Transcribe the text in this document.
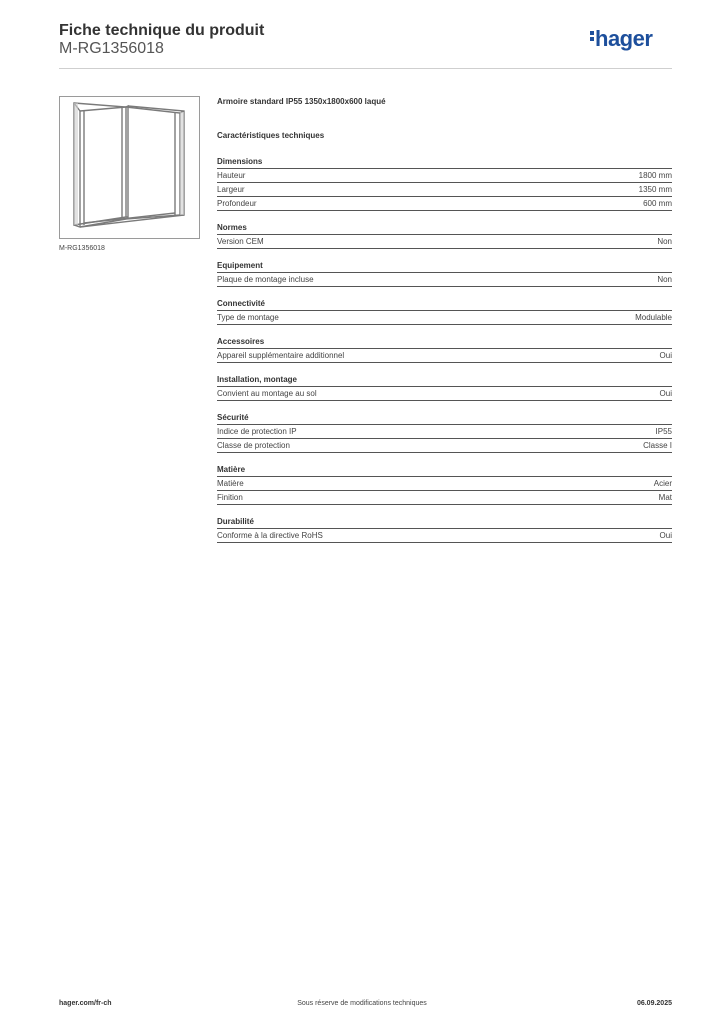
Fiche technique du produit
M-RG1356018	hager
M-RG1356018
Armoire standard IP55 1350x1800x600 laqué
Caractéristiques techniques
Dimensions
Hauteur	1800 mm
Largeur	1350 mm
Profondeur	600 mm
Normes
Version CEM	Non
Equipement
Plaque de montage incluse	Non
Connectivité
Type de montage	Modulable
Accessoires
Appareil supplémentaire additionnel	Oui
Installation, montage
Convient au montage au sol	Oui
Sécurité
Indice de protection IP	IP55
Classe de protection	Classe I
Matière
Matière	Acier
Finition	Mat
Durabilité
Conforme à la directive RoHS	Oui
hager.com/fr-ch	Sous réserve de modifications techniques	06.09.2025
